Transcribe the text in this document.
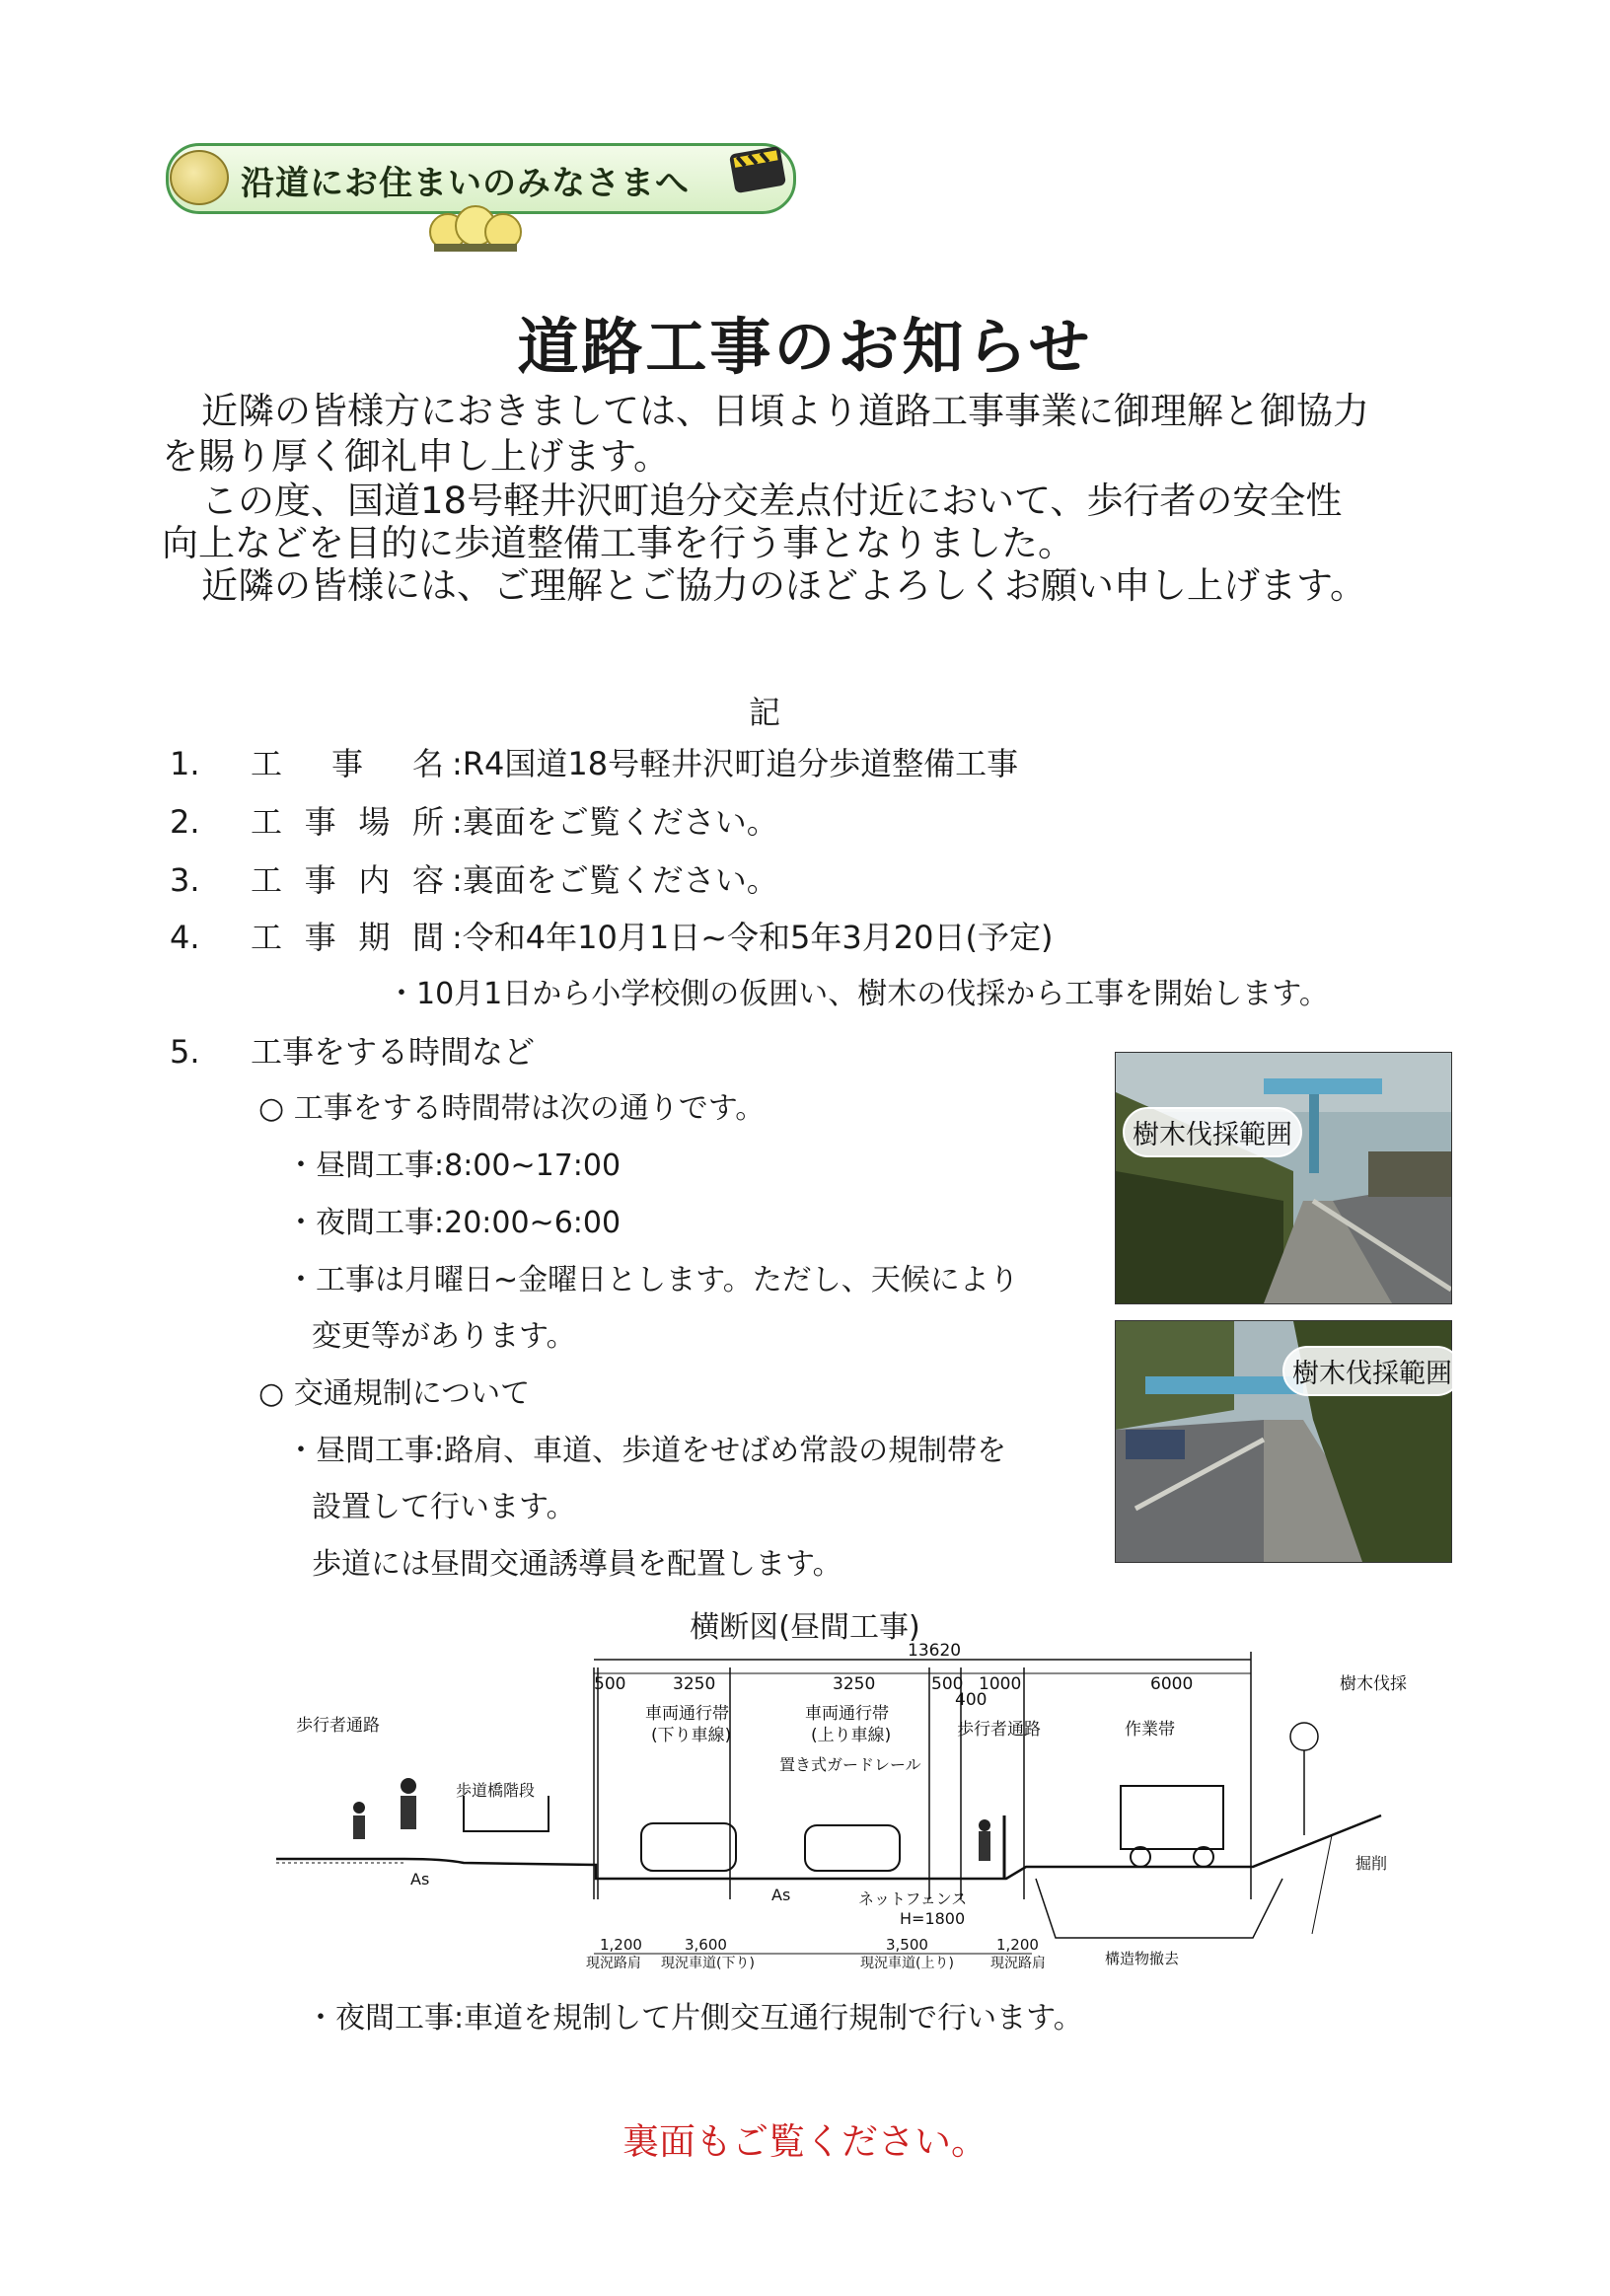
沿道にお住まいのみなさまへ
道路工事のお知らせ
近隣の皆様方におきましては、日頃より道路工事事業に御理解と御協力
を賜り厚く御礼申し上げます。
この度、国道18号軽井沢町追分交差点付近において、歩行者の安全性
向上などを目的に歩道整備工事を行う事となりました。
近隣の皆様には、ご理解とご協力のほどよろしくお願い申し上げます。
記
1.	工 事 名 :R4国道18号軽井沢町追分歩道整備工事
2.	工 事 場 所 :裏面をご覧ください。
3.	工 事 内 容 :裏面をご覧ください。
4.	工 事 期 間 :令和4年10月1日~令和5年3月20日(予定)
・10月1日から小学校側の仮囲い、樹木の伐採から工事を開始します。
5.	工事をする時間など
○ 工事をする時間帯は次の通りです。
・昼間工事:8:00~17:00
・夜間工事:20:00~6:00
・工事は月曜日~金曜日とします。ただし、天候により
変更等があります。
○ 交通規制について
・昼間工事:路肩、車道、歩道をせばめ常設の規制帯を
設置して行います。
歩道には昼間交通誘導員を配置します。
樹木伐採範囲
樹木伐採範囲
横断図(昼間工事)
13620
500	3250	3250	500 1000	6000
400
車両通行帯
(下り車線)
車両通行帯
(上り車線)	歩行者通路	作業帯
置き式ガードレール
歩行者通路
歩道橋階段
樹木伐採
掘削
ネットフェンス
H=1800
As
As
構造物撤去
1,200	3,600	3,500	1,200
現況路肩 現況車道(下り)	現況車道(上り)	現況路肩
・夜間工事:車道を規制して片側交互通行規制で行います。
裏面もご覧ください。
